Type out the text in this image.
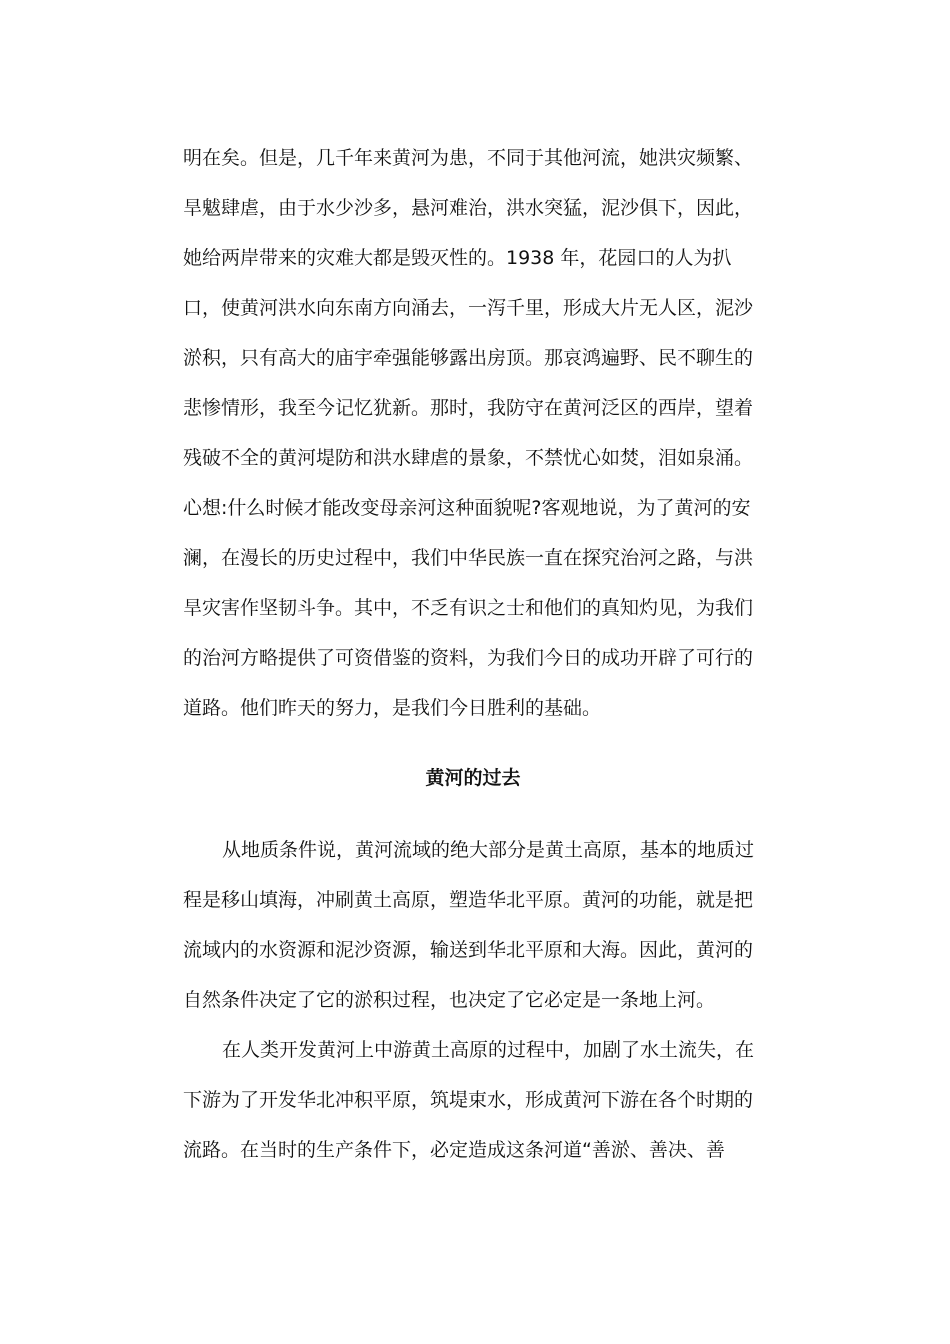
明在矣。但是，几千年来黄河为患，不同于其他河流，她洪灾频繁、
旱魃肆虐，由于水少沙多，悬河难治，洪水突猛，泥沙俱下，因此，
她给两岸带来的灾难大都是毁灭性的。1938 年，花园口的人为扒
口，使黄河洪水向东南方向涌去，一泻千里，形成大片无人区，泥沙
淤积，只有高大的庙宇牵强能够露出房顶。那哀鸿遍野、民不聊生的
悲惨情形，我至今记忆犹新。那时，我防守在黄河泛区的西岸，望着
残破不全的黄河堤防和洪水肆虐的景象，不禁忧心如焚，泪如泉涌。
心想:什么时候才能改变母亲河这种面貌呢?客观地说，为了黄河的安
澜，在漫长的历史过程中，我们中华民族一直在探究治河之路，与洪
旱灾害作坚韧斗争。其中，不乏有识之士和他们的真知灼见，为我们
的治河方略提供了可资借鉴的资料，为我们今日的成功开辟了可行的
道路。他们昨天的努力，是我们今日胜利的基础。
黄河的过去
从地质条件说，黄河流域的绝大部分是黄土高原，基本的地质过
程是移山填海，冲刷黄土高原，塑造华北平原。黄河的功能，就是把
流域内的水资源和泥沙资源，输送到华北平原和大海。因此，黄河的
自然条件决定了它的淤积过程，也决定了它必定是一条地上河。
在人类开发黄河上中游黄土高原的过程中，加剧了水土流失，在
下游为了开发华北冲积平原，筑堤束水，形成黄河下游在各个时期的
流路。在当时的生产条件下，必定造成这条河道“善淤、善决、善
